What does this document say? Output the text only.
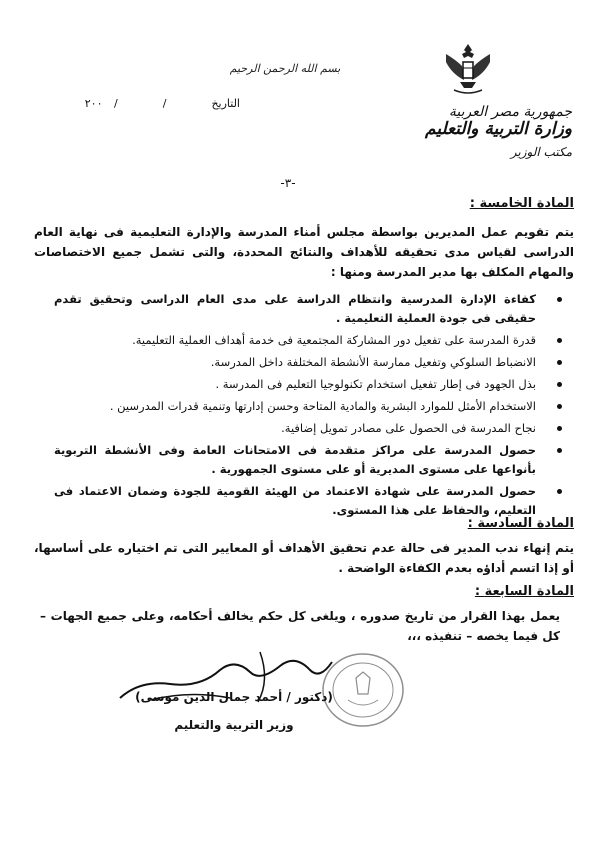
بسم الله الرحمن الرحيم
جمهورية مصر العربية
وزارة التربية والتعليم
مكتب الوزير
التاريخ  /  / ٢٠٠
-٣-
المادة الخامسة :
يتم تقويم عمل المديرين بواسطة مجلس أمناء المدرسة والإدارة التعليمية فى نهاية العام الدراسى لقياس مدى تحقيقه للأهداف والنتائج المحددة، والتى تشمل جميع الاختصاصات والمهام المكلف بها مدير المدرسة ومنها :
كفاءة الإدارة المدرسية وانتظام الدراسة على مدى العام الدراسى وتحقيق تقدم حقيقى فى جودة العملية التعليمية .
قدرة المدرسة على تفعيل دور المشاركة المجتمعية فى خدمة أهداف العملية التعليمية.
الانضباط السلوكي وتفعيل ممارسة الأنشطة المختلفة داخل المدرسة.
بذل الجهود فى إطار تفعيل استخدام تكنولوجيا التعليم فى المدرسة .
الاستخدام الأمثل للموارد البشرية والمادية المتاحة وحسن إدارتها وتنمية قدرات المدرسين .
نجاح المدرسة فى الحصول على مصادر تمويل إضافية.
حصول المدرسة على مراكز متقدمة فى الامتحانات العامة وفى الأنشطة التربوية بأنواعها على مستوى المديرية أو على مستوى الجمهورية .
حصول المدرسة على شهادة الاعتماد من الهيئة القومية للجودة وضمان الاعتماد فى التعليم، والحفاظ على هذا المستوى.
المادة السادسة :
يتم إنهاء ندب المدير فى حالة عدم تحقيق الأهداف أو المعايير التى تم اختياره على أساسها، أو إذا اتسم أداؤه بعدم الكفاءة الواضحة .
المادة السابعة :
يعمل بهذا القرار من تاريخ صدوره ، ويلغى كل حكم يخالف أحكامه، وعلى جميع الجهات – كل فيما يخصه – تنفيذه ،،،
(دكتور / أحمد جمال الدين موسى)
وزير التربية والتعليم
